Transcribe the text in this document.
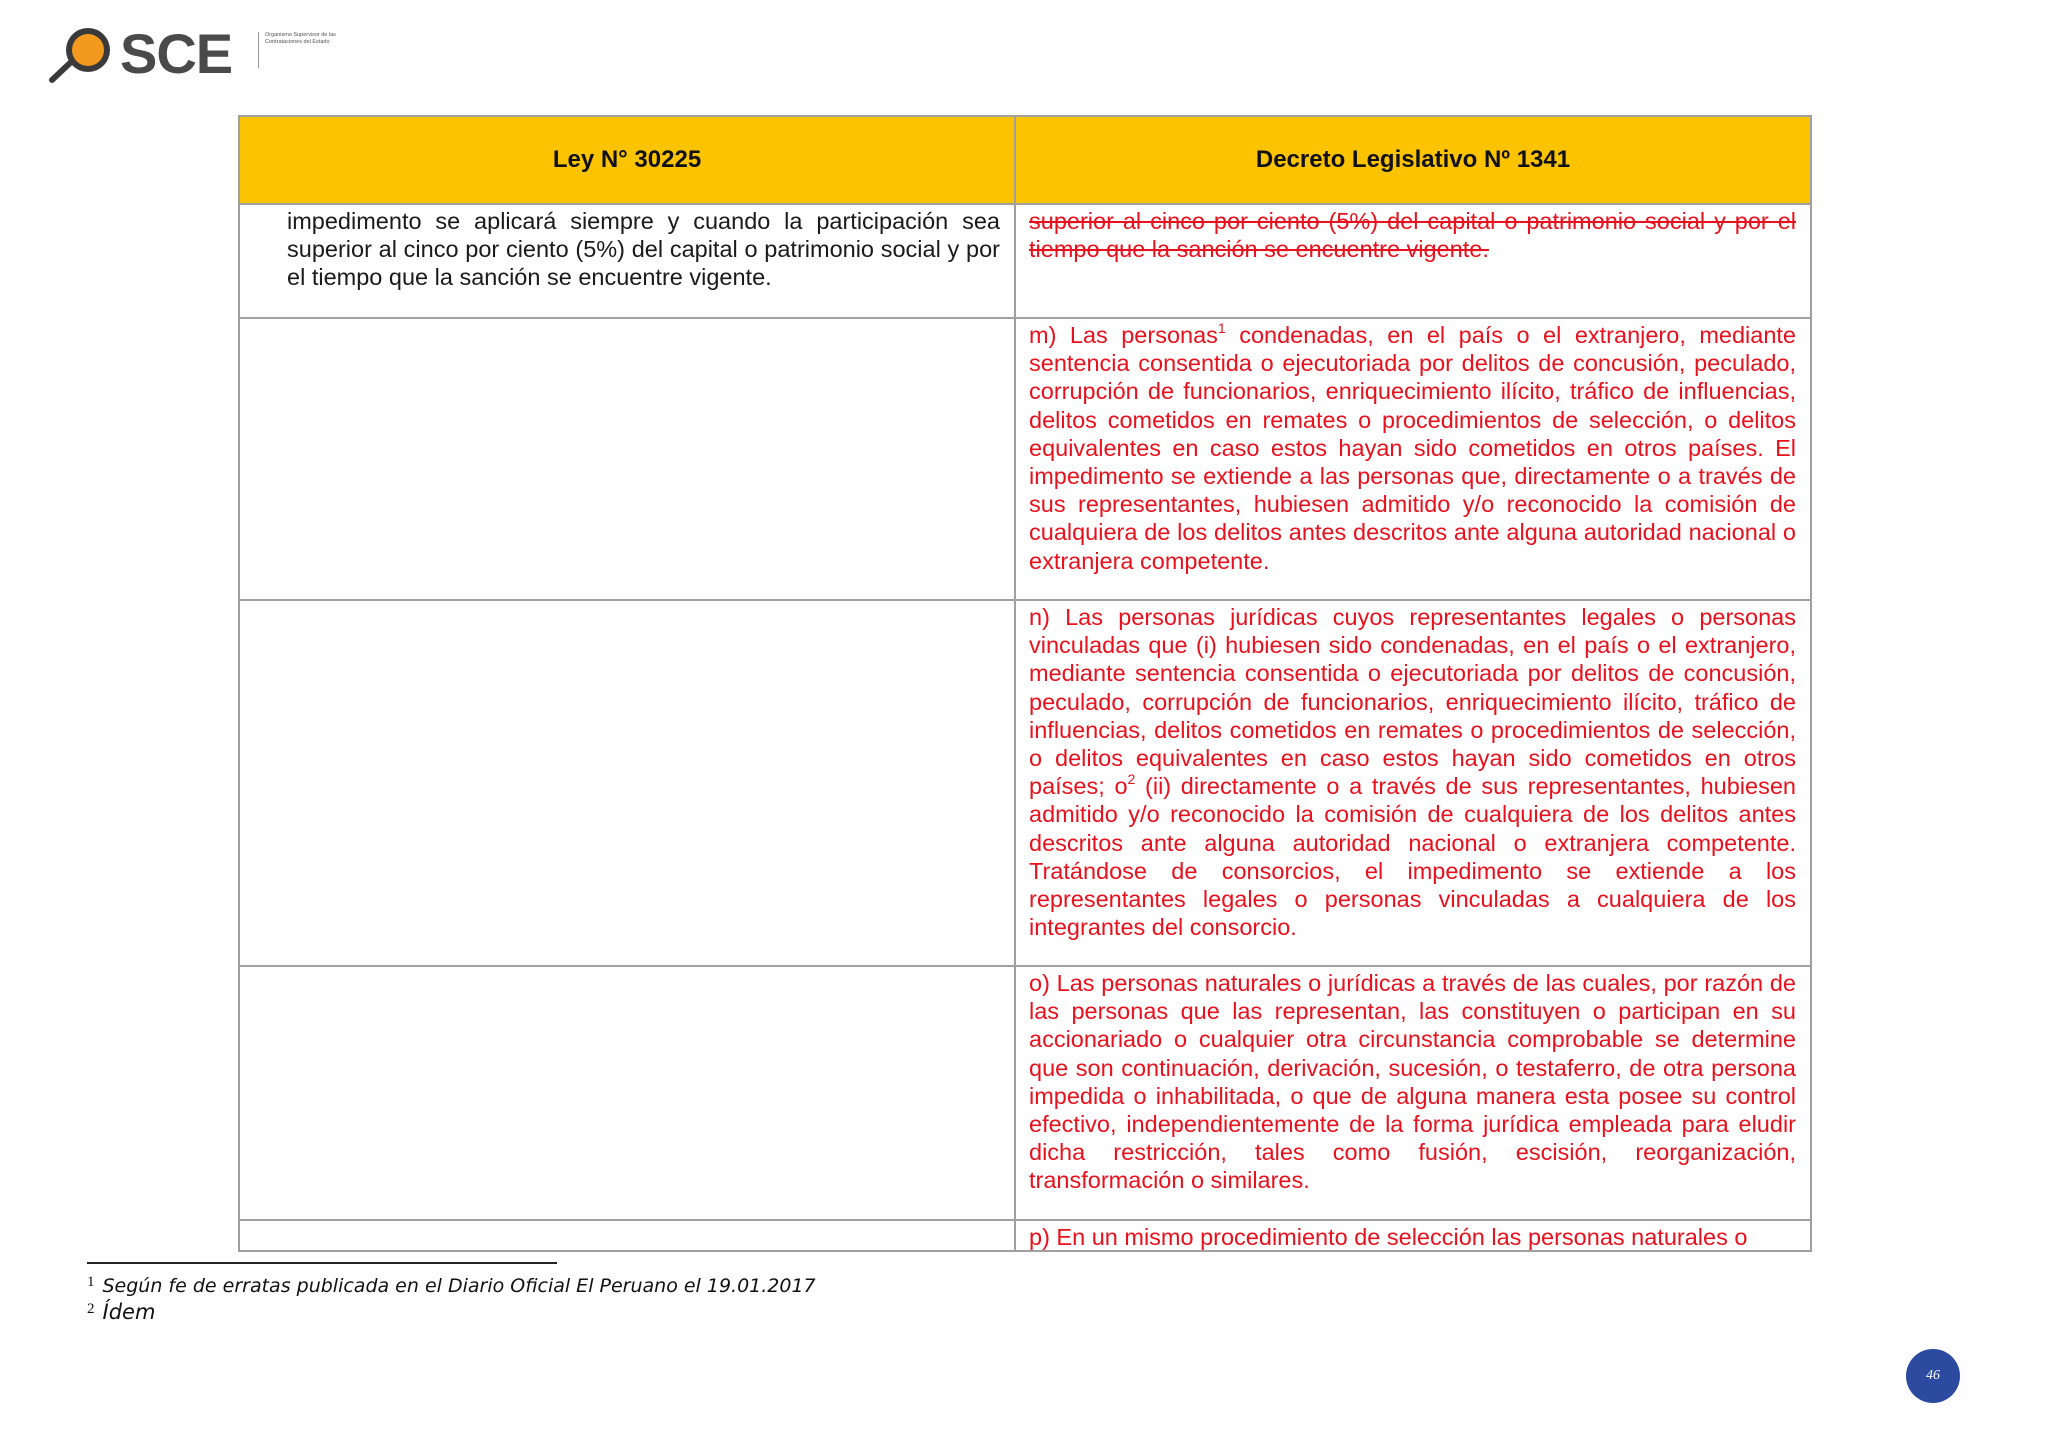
SCE	Organismo Supervisor de las Contrataciones del Estado
Ley N° 30225	Decreto Legislativo Nº 1341

impedimento se aplicará siempre y cuando la participación sea superior al cinco por ciento (5%) del capital o patrimonio social y por el tiempo que la sanción se encuentre vigente.	superior al cinco por ciento (5%) del capital o patrimonio social y por el tiempo que la sanción se encuentre vigente.

	m) Las personas$^1$ condenadas, en el país o el extranjero, mediante sentencia consentida o ejecutoriada por delitos de concusión, peculado, corrupción de funcionarios, enriquecimiento ilícito, tráfico de influencias, delitos cometidos en remates o procedimientos de selección, o delitos equivalentes en caso estos hayan sido cometidos en otros países. El impedimento se extiende a las personas que, directamente o a través de sus representantes, hubiesen admitido y/o reconocido la comisión de cualquiera de los delitos antes descritos ante alguna autoridad nacional o extranjera competente.

	n) Las personas jurídicas cuyos representantes legales o personas vinculadas que (i) hubiesen sido condenadas, en el país o el extranjero, mediante sentencia consentida o ejecutoriada por delitos de concusión, peculado, corrupción de funcionarios, enriquecimiento ilícito, tráfico de influencias, delitos cometidos en remates o procedimientos de selección, o delitos equivalentes en caso estos hayan sido cometidos en otros países; $o^2$ (ii) directamente o a través de sus representantes, hubiesen admitido y/o reconocido la comisión de cualquiera de los delitos antes descritos ante alguna autoridad nacional o extranjera competente. Tratándose de consorcios, el impedimento se extiende a los representantes legales o personas vinculadas a cualquiera de los integrantes del consorcio.

	o) Las personas naturales o jurídicas a través de las cuales, por razón de las personas que las representan, las constituyen o participan en su accionariado o cualquier otra circunstancia comprobable se determine que son continuación, derivación, sucesión, o testaferro, de otra persona impedida o inhabilitada, o que de alguna manera esta posee su control efectivo, independientemente de la forma jurídica empleada para eludir dicha restricción, tales como fusión, escisión, reorganización, transformación o similares.

	p) En un mismo procedimiento de selección las personas naturales o
$^1$ Según fe de erratas publicada en el Diario Oficial El Peruano el 19.01.2017
$^2$ Ídem
46
